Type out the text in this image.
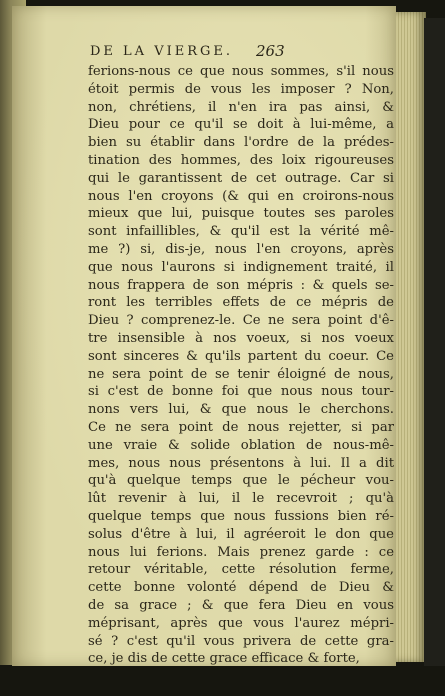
DE LA VIERGE. 263
ferions-nous ce que nous sommes, s'il nous
étoit permis de vous les imposer ? Non,
non, chrétiens, il n'en ira pas ainsi, &
Dieu pour ce qu'il se doit à lui-même, a
bien su établir dans l'ordre de la prédes-
tination des hommes, des loix rigoureuses
qui le garantissent de cet outrage. Car si
nous l'en croyons (& qui en croirons-nous
mieux que lui, puisque toutes ses paroles
sont infaillibles, & qu'il est la vérité mê-
me ?) si, dis-je, nous l'en croyons, après
que nous l'aurons si indignement traité, il
nous frappera de son mépris : & quels se-
ront les terribles effets de ce mépris de
Dieu ? comprenez-le. Ce ne sera point d'ê-
tre insensible à nos voeux, si nos voeux
sont sinceres & qu'ils partent du coeur. Ce
ne sera point de se tenir éloigné de nous,
si c'est de bonne foi que nous nous tour-
nons vers lui, & que nous le cherchons.
Ce ne sera point de nous rejetter, si par
une vraie & solide oblation de nous-mê-
mes, nous nous présentons à lui. Il a dit
qu'à quelque temps que le pécheur vou-
lût revenir à lui, il le recevroit ; qu'à
quelque temps que nous fussions bien ré-
solus d'être à lui, il agréeroit le don que
nous lui ferions. Mais prenez garde : ce
retour véritable, cette résolution ferme,
cette bonne volonté dépend de Dieu &
de sa grace ; & que fera Dieu en vous
méprisant, après que vous l'aurez mépri-
sé ? c'est qu'il vous privera de cette gra-
ce, je dis de cette grace efficace & forte,
